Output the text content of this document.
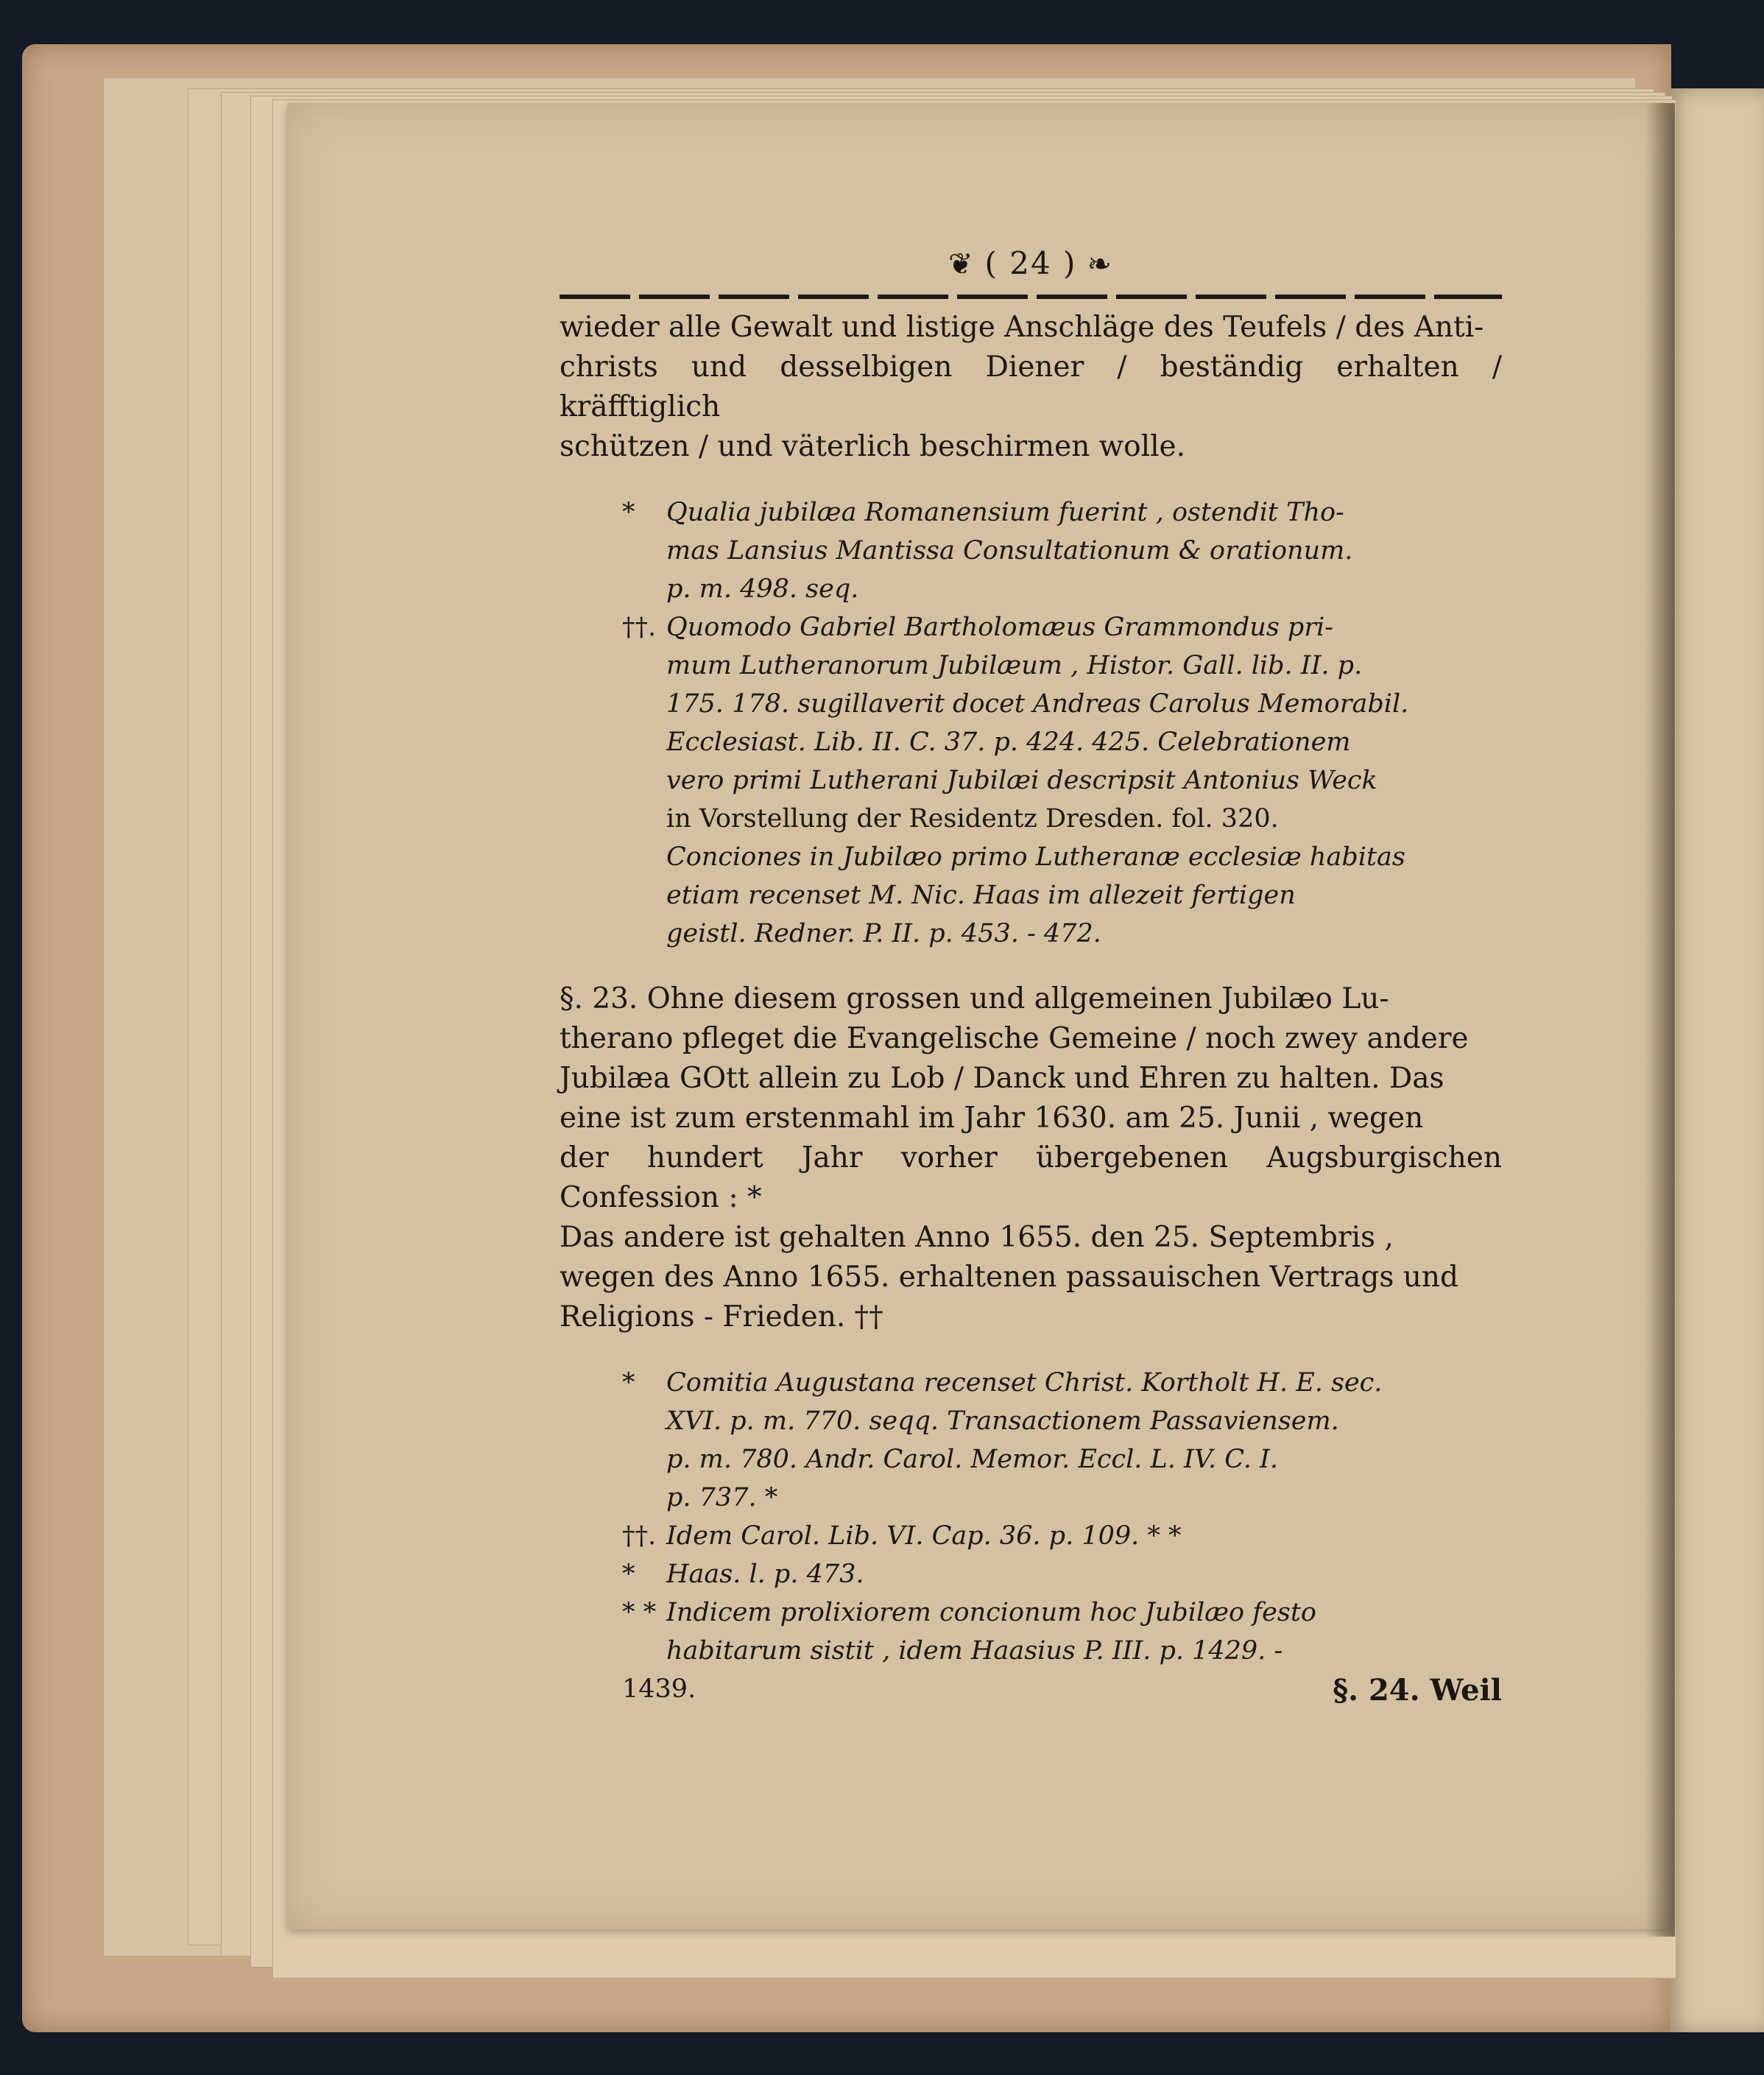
❦ ( 24 ) ❧

wieder alle Gewalt und listige Anschläge des Teufels / des Anti-

christs und desselbigen Diener / beständig erhalten / kräfftiglich

schützen / und väterlich beschirmen wolle.

* Qualia jubilæa Romanensium fuerint , ostendit Tho-
mas Lansius Mantissa Consultationum & orationum.
p. m. 498. seq.
††. Quomodo Gabriel Bartholomæus Grammondus pri-
mum Lutheranorum Jubilæum , Histor. Gall. lib. II. p.
175. 178. sugillaverit docet Andreas Carolus Memorabil.
Ecclesiast. Lib. II. C. 37. p. 424. 425. Celebrationem
vero primi Lutherani Jubilæi descripsit Antonius Weck
in Vorstellung der Residentz Dresden. fol. 320.
Conciones in Jubilæo primo Lutheranæ ecclesiæ habitas
etiam recenset M. Nic. Haas im allezeit fertigen
geistl. Redner. P. II. p. 453. - 472.

§. 23. Ohne diesem grossen und allgemeinen Jubilæo Lu-

therano pfleget die Evangelische Gemeine / noch zwey andere

Jubilæa GOtt allein zu Lob / Danck und Ehren zu halten. Das

eine ist zum erstenmahl im Jahr 1630. am 25. Junii , wegen

der hundert Jahr vorher übergebenen Augsburgischen Confession : *

Das andere ist gehalten Anno 1655. den 25. Septembris ,

wegen des Anno 1655. erhaltenen passauischen Vertrags und

Religions - Frieden. ††

* Comitia Augustana recenset Christ. Kortholt H. E. sec.
XVI. p. m. 770. seqq. Transactionem Passaviensem.
p. m. 780. Andr. Carol. Memor. Eccl. L. IV. C. I.
p. 737. *
††. Idem Carol. Lib. VI. Cap. 36. p. 109. * *
* Haas. l. p. 473.
* * Indicem prolixiorem concionum hoc Jubilæo festo
habitarum sistit , idem Haasius P. III. p. 1429. -
1439.	§. 24. Weil
